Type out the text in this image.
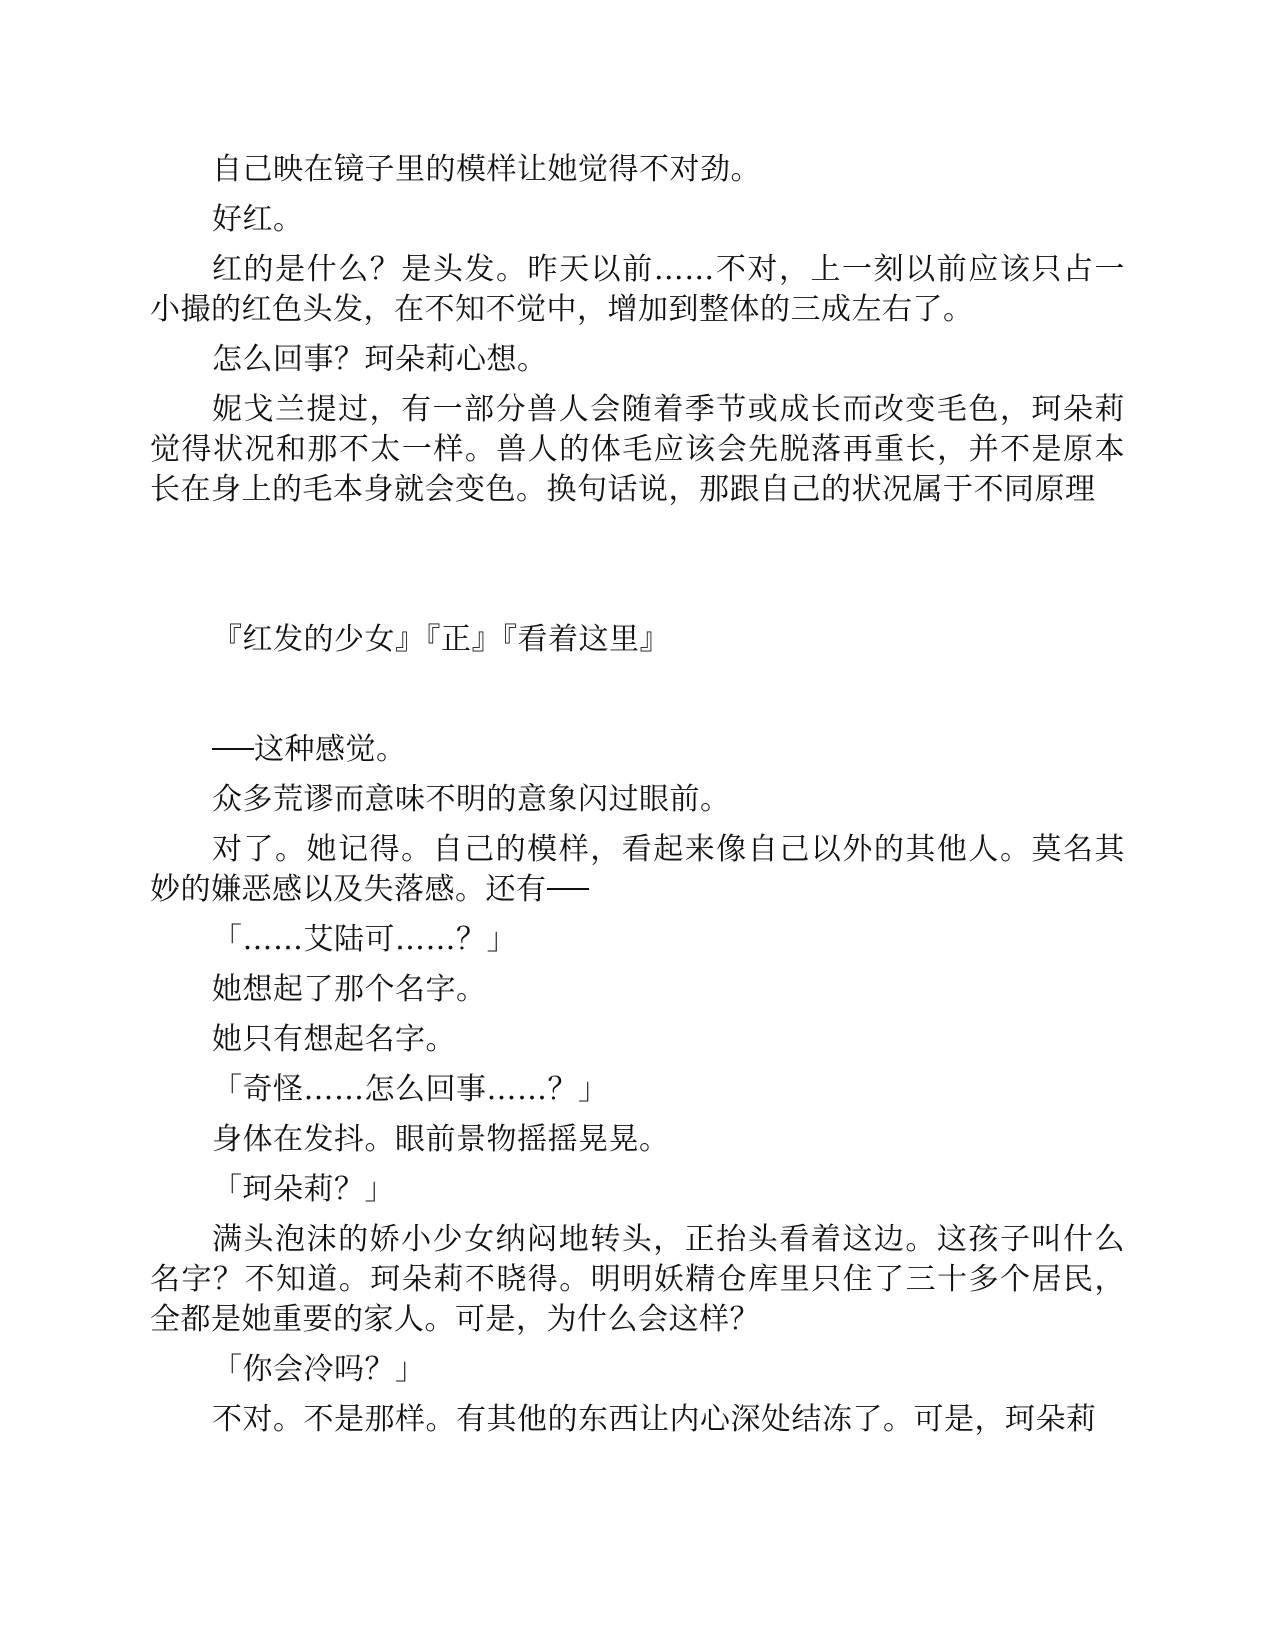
自己映在镜子里的模样让她觉得不对劲。

好红。

红的是什么？是头发。昨天以前……不对，上一刻以前应该只占一小撮的红色头发，在不知不觉中，增加到整体的三成左右了。

怎么回事？珂朵莉心想。

妮戈兰提过，有一部分兽人会随着季节或成长而改变毛色，珂朵莉觉得状况和那不太一样。兽人的体毛应该会先脱落再重长，并不是原本长在身上的毛本身就会变色。换句话说，那跟自己的状况属于不同原理

『红发的少女』『正』『看着这里』

这种感觉。

众多荒谬而意味不明的意象闪过眼前。

对了。她记得。自己的模样，看起来像自己以外的其他人。莫名其妙的嫌恶感以及失落感。还有

「……艾陆可……？」

她想起了那个名字。

她只有想起名字。

「奇怪……怎么回事……？」

身体在发抖。眼前景物摇摇晃晃。

「珂朵莉？」

满头泡沫的娇小少女纳闷地转头，正抬头看着这边。这孩子叫什么名字？不知道。珂朵莉不晓得。明明妖精仓库里只住了三十多个居民，全都是她重要的家人。可是，为什么会这样？

「你会冷吗？」

不对。不是那样。有其他的东西让内心深处结冻了。可是，珂朵莉
